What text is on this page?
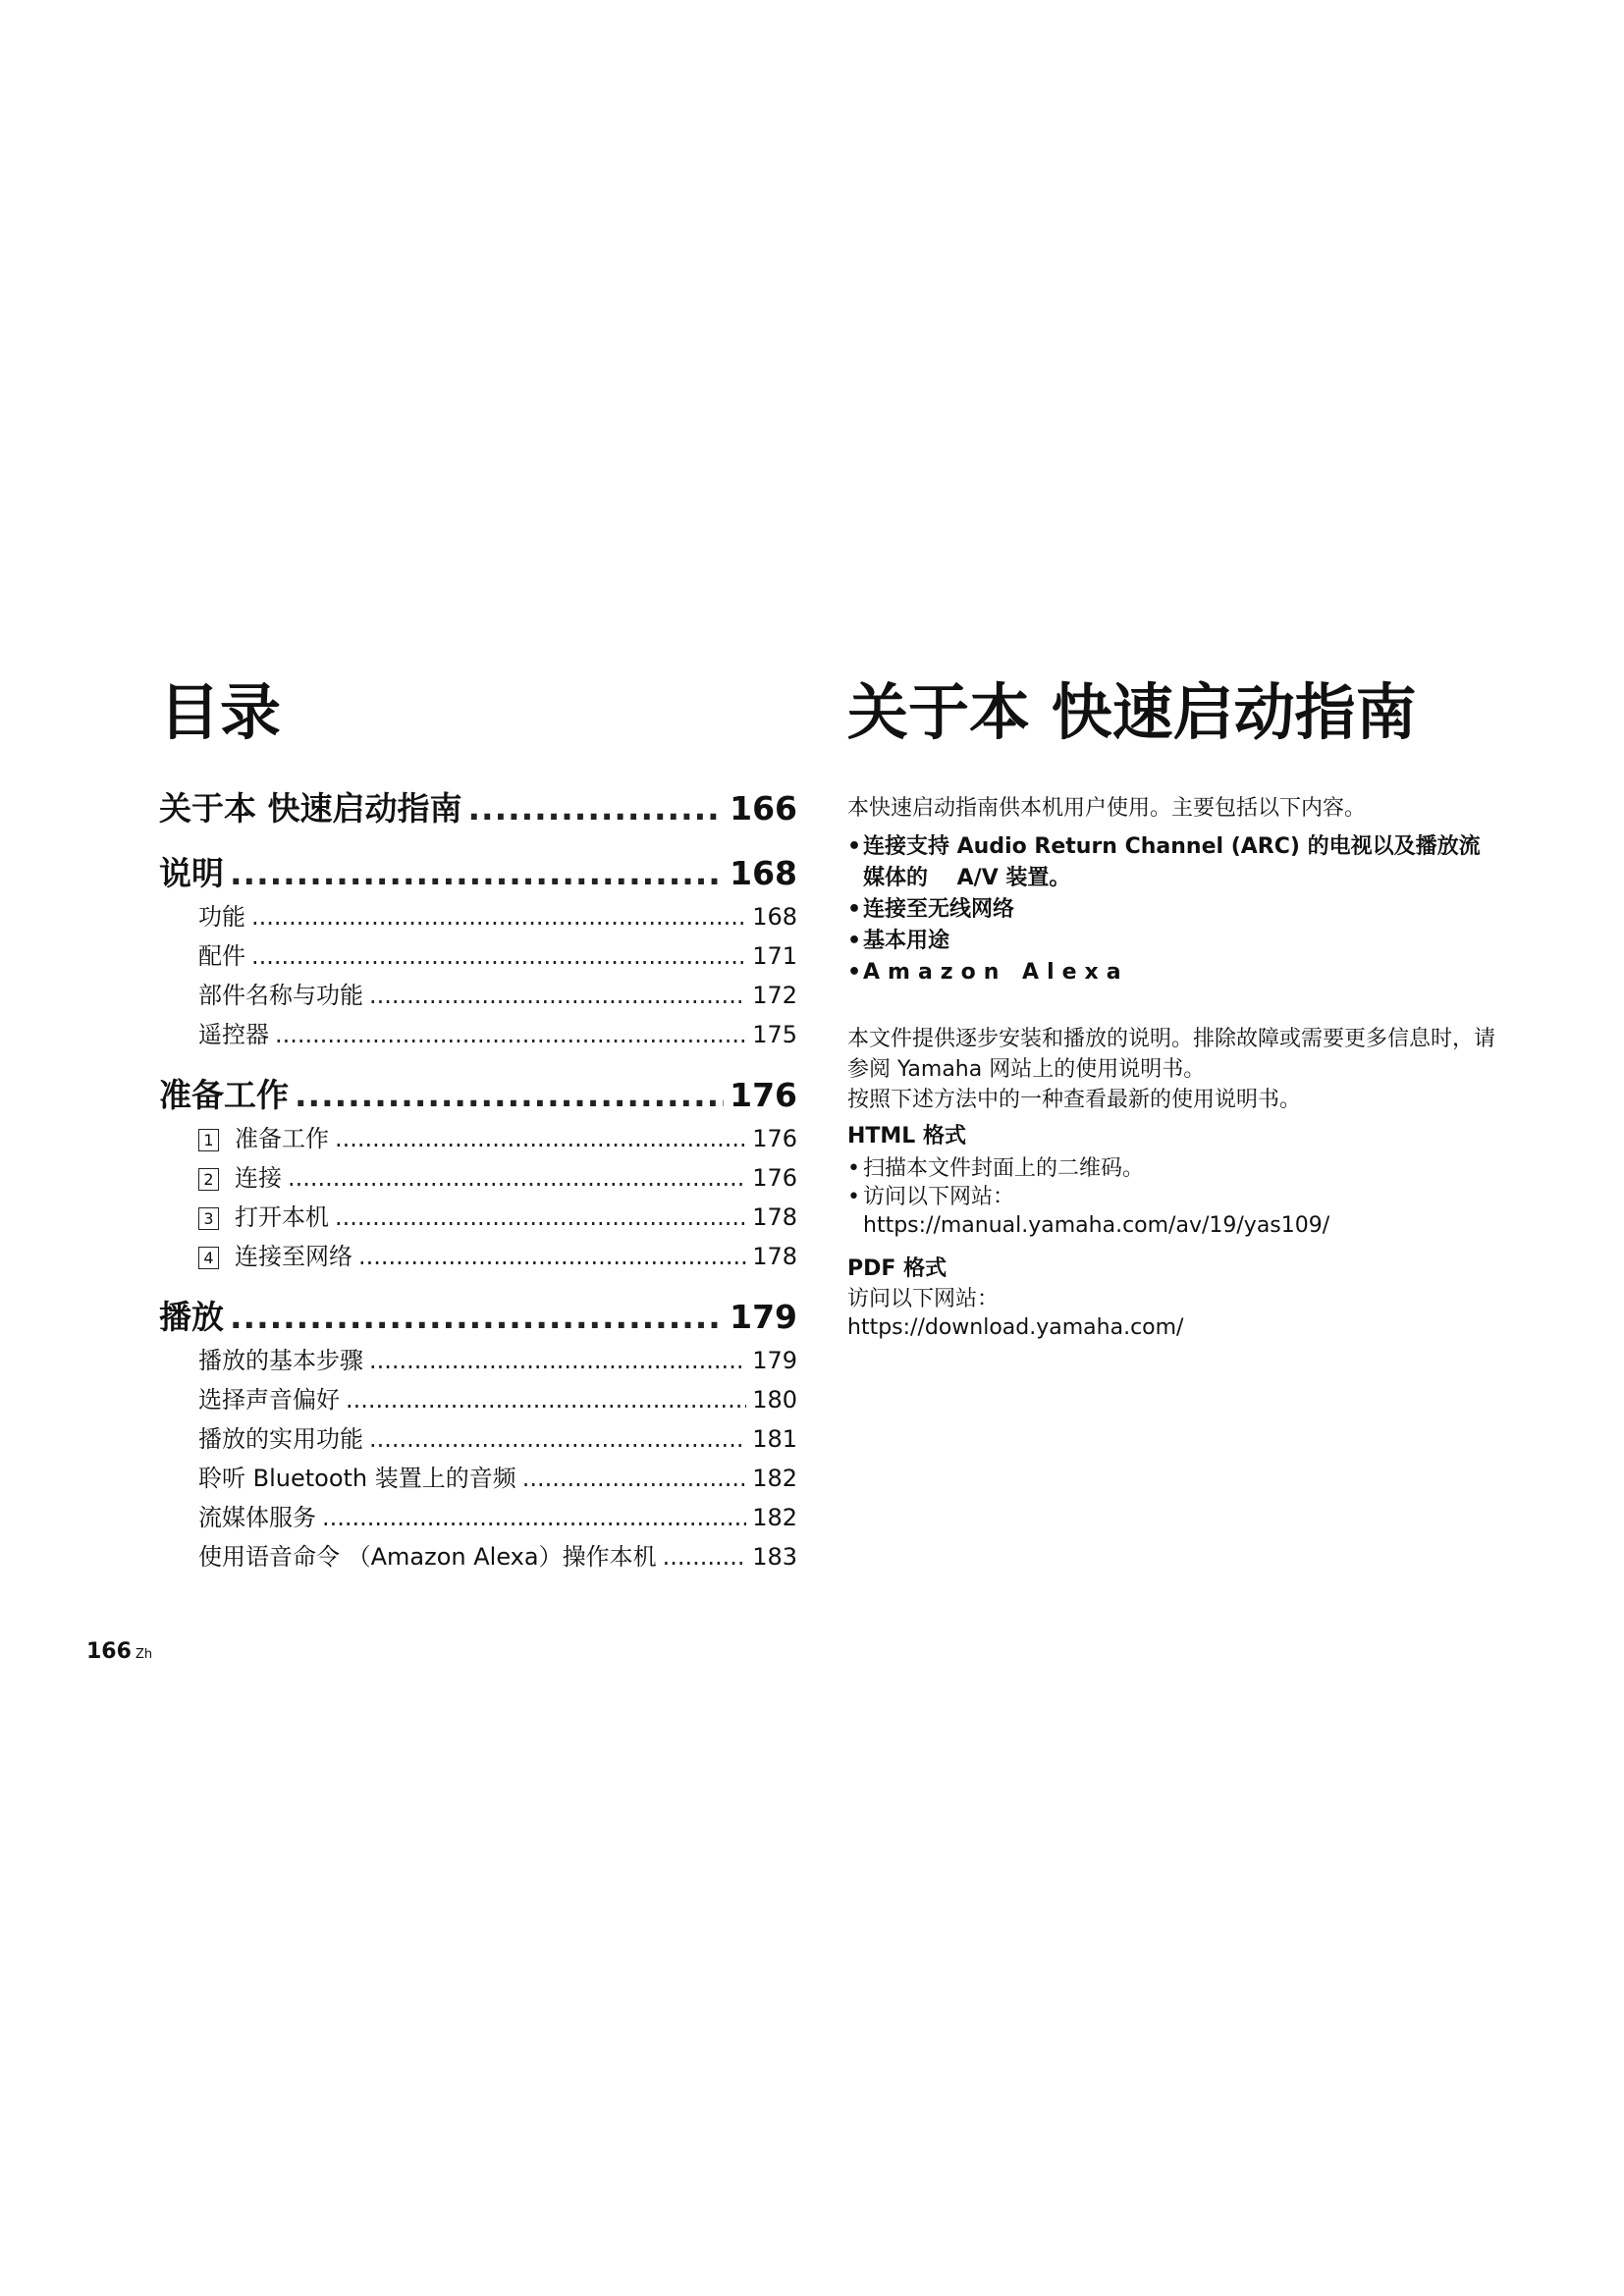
目录
关于本 快速启动指南 .....	166
说明 .....	168
功能 .....	168
配件 .....	171
部件名称与功能 .....	172
遥控器 .....	175
准备工作 .....	176
1 准备工作 .....	176
2 连接 .....	176
3 打开本机 .....	178
4 连接至网络 .....	178
播放 .....	179
播放的基本步骤 .....	179
选择声音偏好 .....	180
播放的实用功能 .....	181
聆听 Bluetooth 装置上的音频 .....	182
流媒体服务 .....	182
使用语音命令 （Amazon Alexa）操作本机 .....	183
关于本 快速启动指南

本快速启动指南供本机用户使用。主要包括以下内容。

• 连接支持 Audio Return Channel (ARC) 的电视以及播放流
媒体的 　A/V 装置。
• 连接至无线网络
• 基本用途
• Amazon Alexa

本文件提供逐步安装和播放的说明。排除故障或需要更多信息时，请参阅 Yamaha 网站上的使用说明书。

按照下述方法中的一种查看最新的使用说明书。

HTML 格式

• 扫描本文件封面上的二维码。
• 访问以下网站：
https://manual.yamaha.com/av/19/yas109/

PDF 格式

访问以下网站：

https://download.yamaha.com/

166 Zh
